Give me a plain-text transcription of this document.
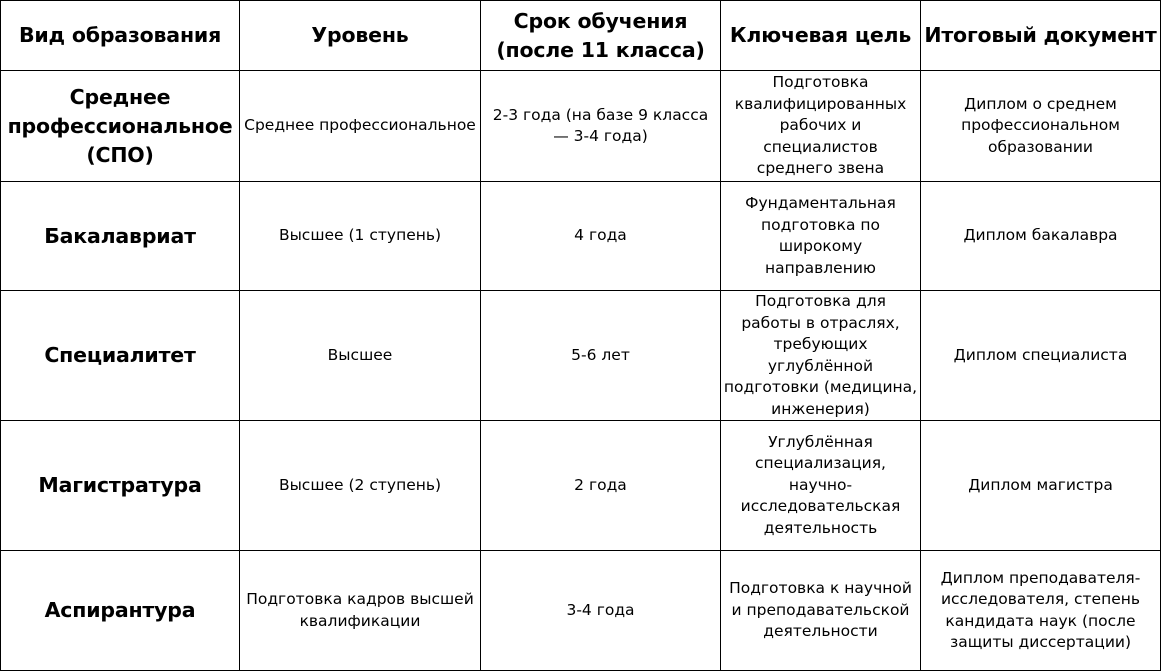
Вид образования	Уровень	Срок обучения (после 11 класса)	Ключевая цель	Итоговый документ
Среднее профессиональное (СПО)	Среднее профессиональное	2-3 года (на базе 9 класса — 3-4 года)	Подготовка квалифицированных рабочих и специалистов среднего звена	Диплом о среднем профессиональном образовании
Бакалавриат	Высшее (1 ступень)	4 года	Фундаментальная подготовка по широкому направлению	Диплом бакалавра
Специалитет	Высшее	5-6 лет	Подготовка для работы в отраслях, требующих углублённой подготовки (медицина, инженерия)	Диплом специалиста
Магистратура	Высшее (2 ступень)	2 года	Углублённая специализация, научно-исследовательская деятельность	Диплом магистра
Аспирантура	Подготовка кадров высшей квалификации	3-4 года	Подготовка к научной и преподавательской деятельности	Диплом преподавателя-исследователя, степень кандидата наук (после защиты диссертации)
